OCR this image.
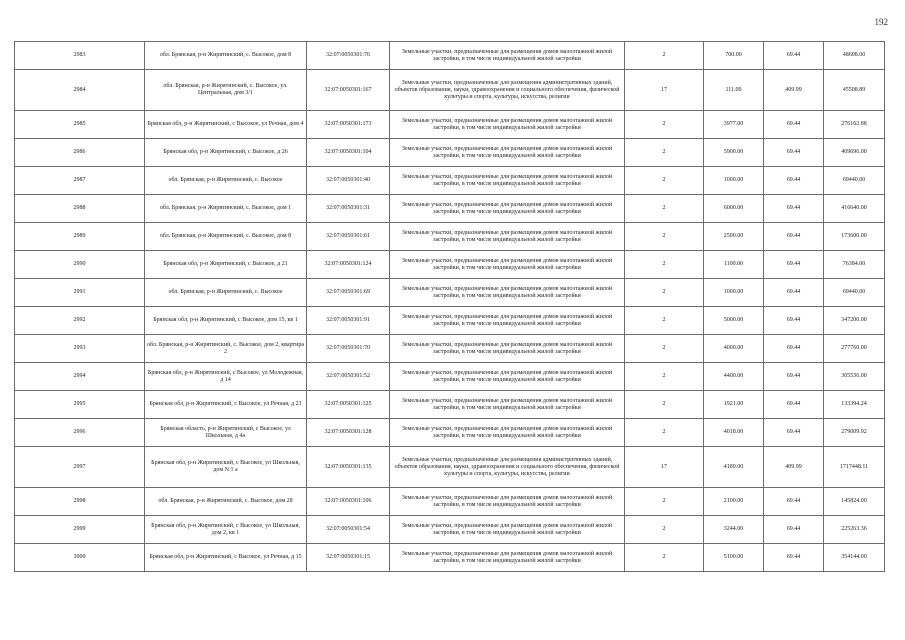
192
2983	обл. Брянская, р-н Жирятинский, с. Высокое, дом 8	32:07:0050301:76	Земельные участки, предназначенные для размещения домов малоэтажной жилой застройки, в том числе индивидуальной жилой застройки	2	700.00	69.44	48608.00
2984	обл. Брянская, р-н Жирятинский, с. Высокое, ул. Центральная, дом 3/1	32:07:0050301:167	Земельные участки, предназначенные для размещения административных зданий, объектов образования, науки, здравоохранения и социального обеспечения, физической культуры и спорта, культуры, искусства, религии	17	111.00	409.99	45508.89
2985	Брянская обл, р-н Жирятинский, с Высокое, ул Речная, дом 4	32:07:0050301:173	Земельные участки, предназначенные для размещения домов малоэтажной жилой застройки, в том числе индивидуальной жилой застройки	2	3977.00	69.44	276162.88
2986	Брянская обл, р-н Жирятинский, с Высокое, д 26	32:07:0050301:104	Земельные участки, предназначенные для размещения домов малоэтажной жилой застройки, в том числе индивидуальной жилой застройки	2	5900.00	69.44	409696.00
2987	обл. Брянская, р-н Жирятинский, с. Высокое	32:07:0050301:40	Земельные участки, предназначенные для размещения домов малоэтажной жилой застройки, в том числе индивидуальной жилой застройки	2	1000.00	69.44	69440.00
2988	обл. Брянская, р-н Жирятинский, с. Высокое, дом 1	32:07:0050301:31	Земельные участки, предназначенные для размещения домов малоэтажной жилой застройки, в том числе индивидуальной жилой застройки	2	6000.00	69.44	416640.00
2989	обл. Брянская, р-н Жирятинский, с. Высокое, дом 8	32:07:0050301:61	Земельные участки, предназначенные для размещения домов малоэтажной жилой застройки, в том числе индивидуальной жилой застройки	2	2500.00	69.44	173600.00
2990	Брянская обл, р-н Жирятинский, с Высокое, д 21	32:07:0050301:124	Земельные участки, предназначенные для размещения домов малоэтажной жилой застройки, в том числе индивидуальной жилой застройки	2	1100.00	69.44	76384.00
2991	обл. Брянская, р-н Жирятинский, с. Высокое	32:07:0050301:69	Земельные участки, предназначенные для размещения домов малоэтажной жилой застройки, в том числе индивидуальной жилой застройки	2	1000.00	69.44	69440.00
2992	Брянская обл, р-н Жирятинский, с Высокое, дом 15, кв 1	32:07:0050301:91	Земельные участки, предназначенные для размещения домов малоэтажной жилой застройки, в том числе индивидуальной жилой застройки	2	5000.00	69.44	347200.00
2993	обл. Брянская, р-н Жирятинский, с. Высокое, дом 2, квартира 2	32:07:0050301:70	Земельные участки, предназначенные для размещения домов малоэтажной жилой застройки, в том числе индивидуальной жилой застройки	2	4000.00	69.44	277760.00
2994	Брянская обл, р-н Жирятинский, с Высокое, ул Молодежная, д 14	32:07:0050301:52	Земельные участки, предназначенные для размещения домов малоэтажной жилой застройки, в том числе индивидуальной жилой застройки	2	4400.00	69.44	305536.00
2995	Брянская обл, р-н Жирятинский, с Высокое, ул Речная, д 21	32:07:0050301:125	Земельные участки, предназначенные для размещения домов малоэтажной жилой застройки, в том числе индивидуальной жилой застройки	2	1921.00	69.44	133394.24
2996	Брянская область, р-н Жирятинский, с Высокое, ул Школьная, д 4а	32:07:0050301:128	Земельные участки, предназначенные для размещения домов малоэтажной жилой застройки, в том числе индивидуальной жилой застройки	2	4018.00	69.44	279009.92
2997	Брянская обл, р-н Жирятинский, с Высокое, ул Школьная, дом N 1 а	32:07:0050301:135	Земельные участки, предназначенные для размещения административных зданий, объектов образования, науки, здравоохранения и социального обеспечения, физической культуры и спорта, культуры, искусства, религии	17	4189.00	409.99	1717448.11
2998	обл. Брянская, р-н Жирятинский, с. Высокое, дом 28	32:07:0050301:106	Земельные участки, предназначенные для размещения домов малоэтажной жилой застройки, в том числе индивидуальной жилой застройки	2	2100.00	69.44	145824.00
2999	Брянская обл, р-н Жирятинский, с Высокое, ул Школьная, дом 2, кв 1	32:07:0050301:54	Земельные участки, предназначенные для размещения домов малоэтажной жилой застройки, в том числе индивидуальной жилой застройки	2	3244.00	69.44	225263.36
3000	Брянская обл, р-н Жирятинский, с Высокое, ул Речная, д 15	32:07:0050301:15	Земельные участки, предназначенные для размещения домов малоэтажной жилой застройки, в том числе индивидуальной жилой застройки	2	5100.00	69.44	354144.00
